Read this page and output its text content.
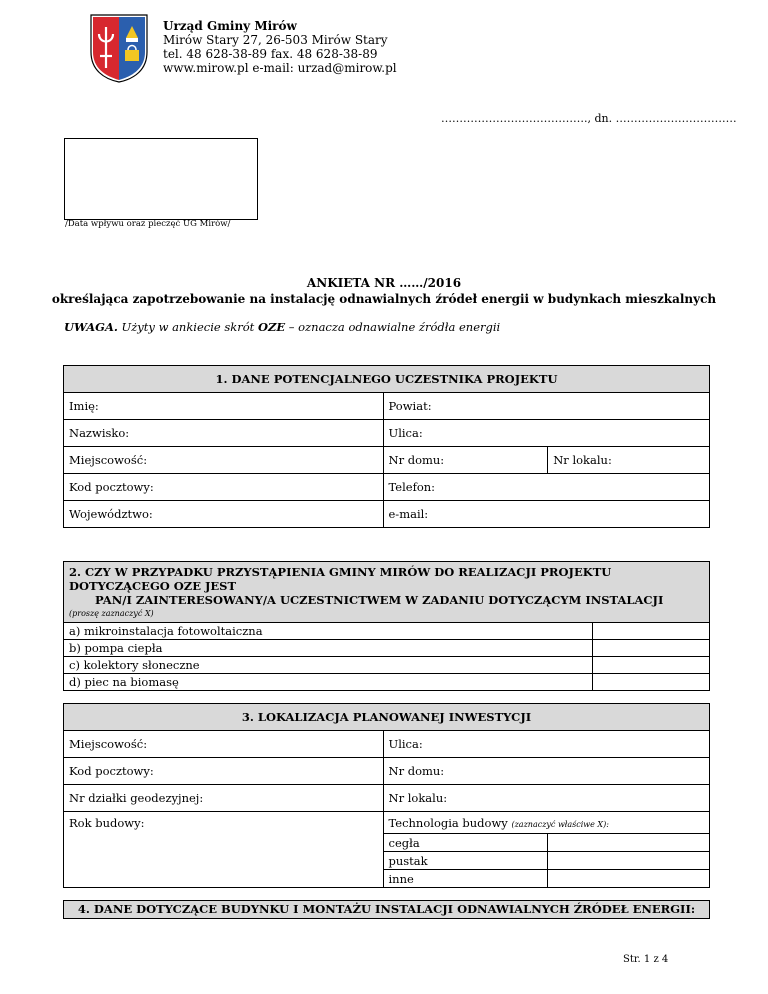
Urząd Gminy Mirów
Mirów Stary 27, 26-503 Mirów Stary
tel. 48 628-38-89 fax. 48 628-38-89
www.mirow.pl e-mail: urzad@mirow.pl
…………………………………., dn. ……………………………
/Data wpływu oraz pieczęć UG Mirów/
ANKIETA NR ……/2016
określająca zapotrzebowanie na instalację odnawialnych źródeł energii w budynkach mieszkalnych
UWAGA. Użyty w ankiecie skrót OZE – oznacza odnawialne źródła energii
1. DANE POTENCJALNEGO UCZESTNIKA PROJEKTU		
Imię:	Powiat:	
Nazwisko:	Ulica:	
Miejscowość:	Nr domu:	Nr lokalu:
Kod pocztowy:	Telefon:	
Województwo:	e-mail:	
2. CZY W PRZYPADKU PRZYSTĄPIENIA GMINY MIRÓW DO REALIZACJI PROJEKTU DOTYCZĄCEGO OZE JEST
PAN/I ZAINTERESOWANY/A UCZESTNICTWEM W ZADANIU DOTYCZĄCYM INSTALACJI
(proszę zaznaczyć X)	

a) mikroinstalacja fotowoltaiczna	
b) pompa ciepła	
c) kolektory słoneczne	
d) piec na biomasę	
3. LOKALIZACJA PLANOWANEJ INWESTYCJI		
Miejscowość:	Ulica:	
Kod pocztowy:	Nr domu:	
Nr działki geodezyjnej:	Nr lokalu:	
Rok budowy:	Technologia budowy (zaznaczyć właściwe X):	
	cegła	
	pustak	
	inne	
4. DANE DOTYCZĄCE BUDYNKU I MONTAŻU INSTALACJI ODNAWIALNYCH ŹRÓDEŁ ENERGII:
Str. 1 z 4
